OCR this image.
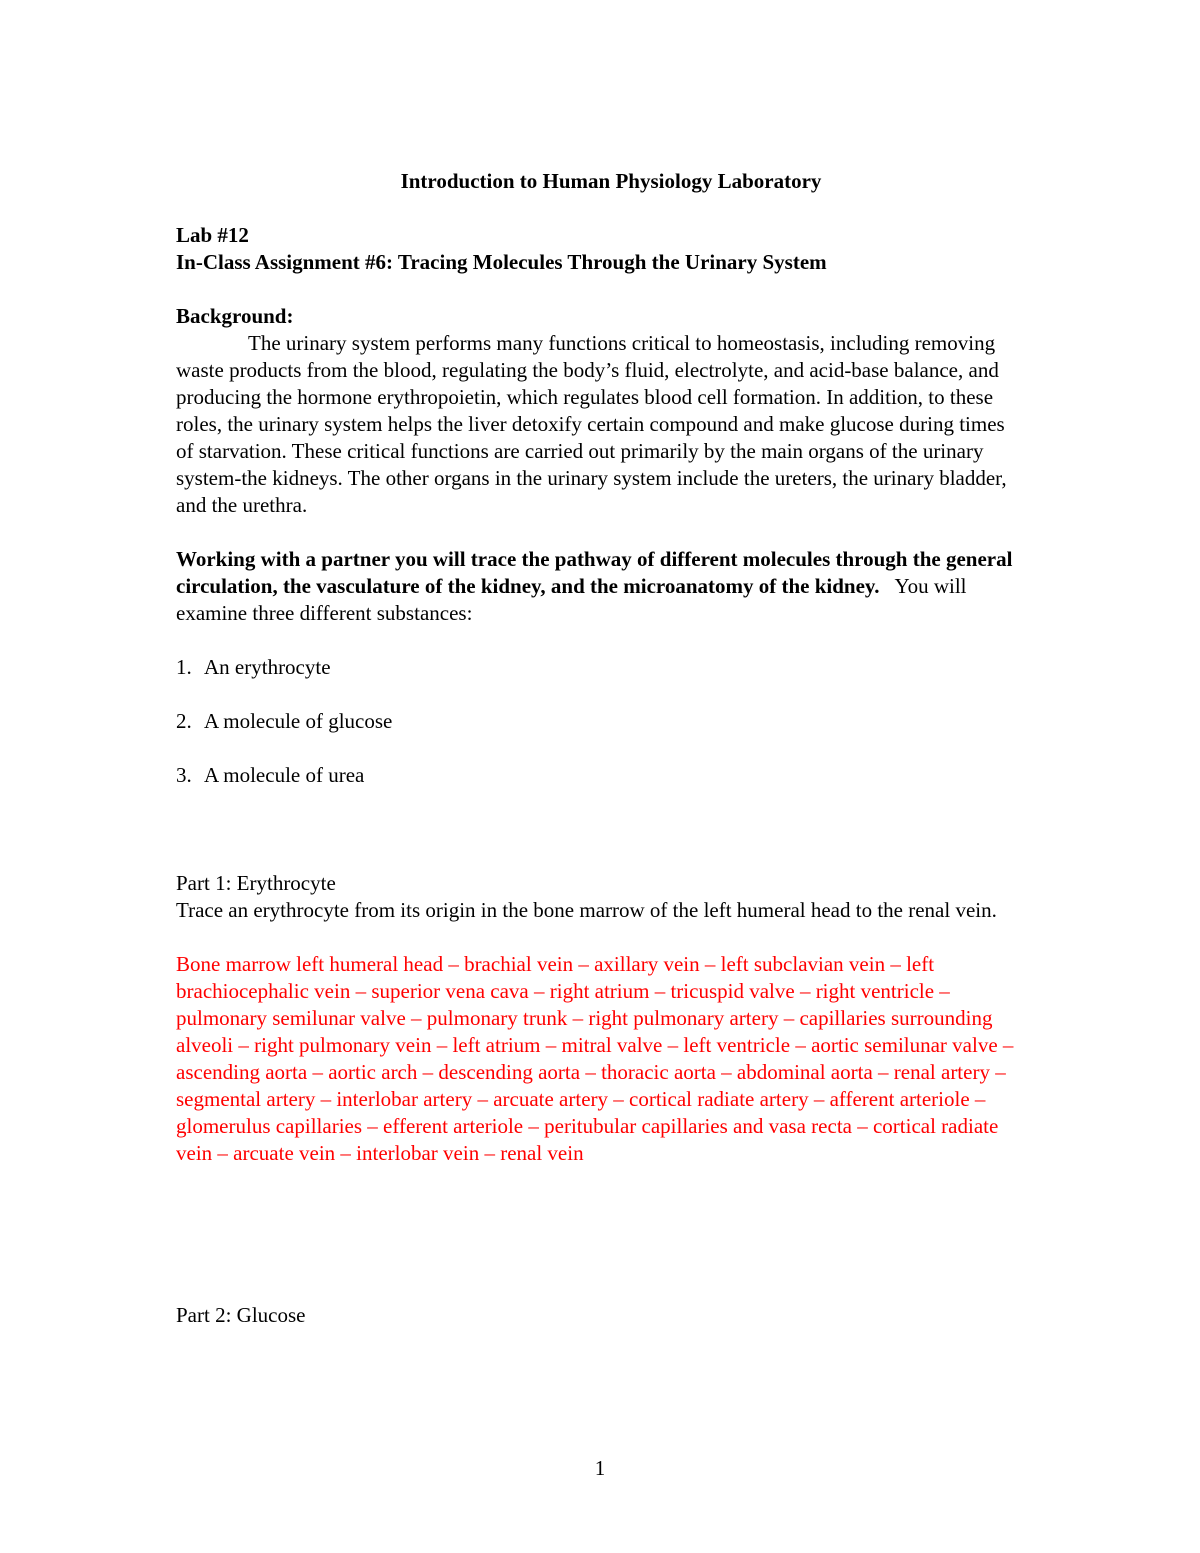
Introduction to Human Physiology Laboratory

Lab #12

In-Class Assignment #6: Tracing Molecules Through the Urinary System

Background:

The urinary system performs many functions critical to homeostasis, including removing waste products from the blood, regulating the body’s fluid, electrolyte, and acid-base balance, and producing the hormone erythropoietin, which regulates blood cell formation. In addition, to these roles, the urinary system helps the liver detoxify certain compound and make glucose during times of starvation. These critical functions are carried out primarily by the main organs of the urinary system-the kidneys. The other organs in the urinary system include the ureters, the urinary bladder, and the urethra.

Working with a partner you will trace the pathway of different molecules through the general circulation, the vasculature of the kidney, and the microanatomy of the kidney. You will examine three different substances:

1. An erythrocyte

2. A molecule of glucose

3. A molecule of urea

Part 1: Erythrocyte

Trace an erythrocyte from its origin in the bone marrow of the left humeral head to the renal vein.

Bone marrow left humeral head – brachial vein – axillary vein – left subclavian vein – left brachiocephalic vein – superior vena cava – right atrium – tricuspid valve – right ventricle – pulmonary semilunar valve – pulmonary trunk – right pulmonary artery – capillaries surrounding alveoli – right pulmonary vein – left atrium – mitral valve – left ventricle – aortic semilunar valve – ascending aorta – aortic arch – descending aorta – thoracic aorta – abdominal aorta – renal artery – segmental artery – interlobar artery – arcuate artery – cortical radiate artery – afferent arteriole – glomerulus capillaries – efferent arteriole – peritubular capillaries and vasa recta – cortical radiate vein – arcuate vein – interlobar vein – renal vein

Part 2: Glucose

1
